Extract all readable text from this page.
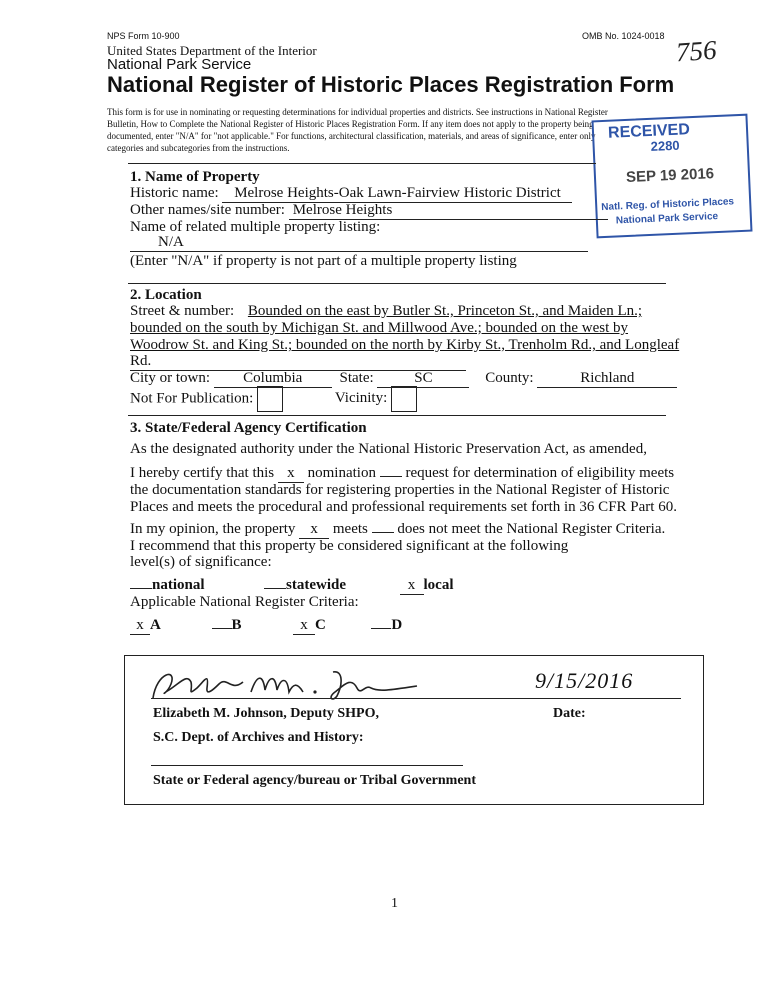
NPS Form 10-900	OMB No. 1024-0018
United States Department of the Interior
National Park Service	756
National Register of Historic Places Registration Form
This form is for use in nominating or requesting determinations for individual properties and districts. See instructions in National Register
Bulletin, How to Complete the National Register of Historic Places Registration Form. If any item does not apply to the property being
documented, enter "N/A" for "not applicable." For functions, architectural classification, materials, and areas of significance, enter only
categories and subcategories from the instructions.
RECEIVED
2280
SEP 19 2016
Natl. Reg. of Historic Places
National Park Service
1. Name of Property
Historic name: Melrose Heights-Oak Lawn-Fairview Historic District
Other names/site number: Melrose Heights
Name of related multiple property listing:
N/A
(Enter "N/A" if property is not part of a multiple property listing
2. Location
Street & number: Bounded on the east by Butler St., Princeton St., and Maiden Ln.;
bounded on the south by Michigan St. and Millwood Ave.; bounded on the west by
Woodrow St. and King St.; bounded on the north by Kirby St., Trenholm Rd., and Longleaf
Rd.
City or town: Columbia State:	SC	County:	Richland
Not For Publication:	Vicinity:
3. State/Federal Agency Certification
As the designated authority under the National Historic Preservation Act, as amended,
I hereby certify that this x nomination request for determination of eligibility meets
the documentation standards for registering properties in the National Register of Historic
Places and meets the procedural and professional requirements set forth in 36 CFR Part 60.
In my opinion, the property x meets does not meet the National Register Criteria.
I recommend that this property be considered significant at the following
level(s) of significance:
national	statewide	x local
Applicable National Register Criteria:
x A	B	x C	D
9/15/2016
Elizabeth M. Johnson, Deputy SHPO,	Date:
S.C. Dept. of Archives and History:
State or Federal agency/bureau or Tribal Government
1
